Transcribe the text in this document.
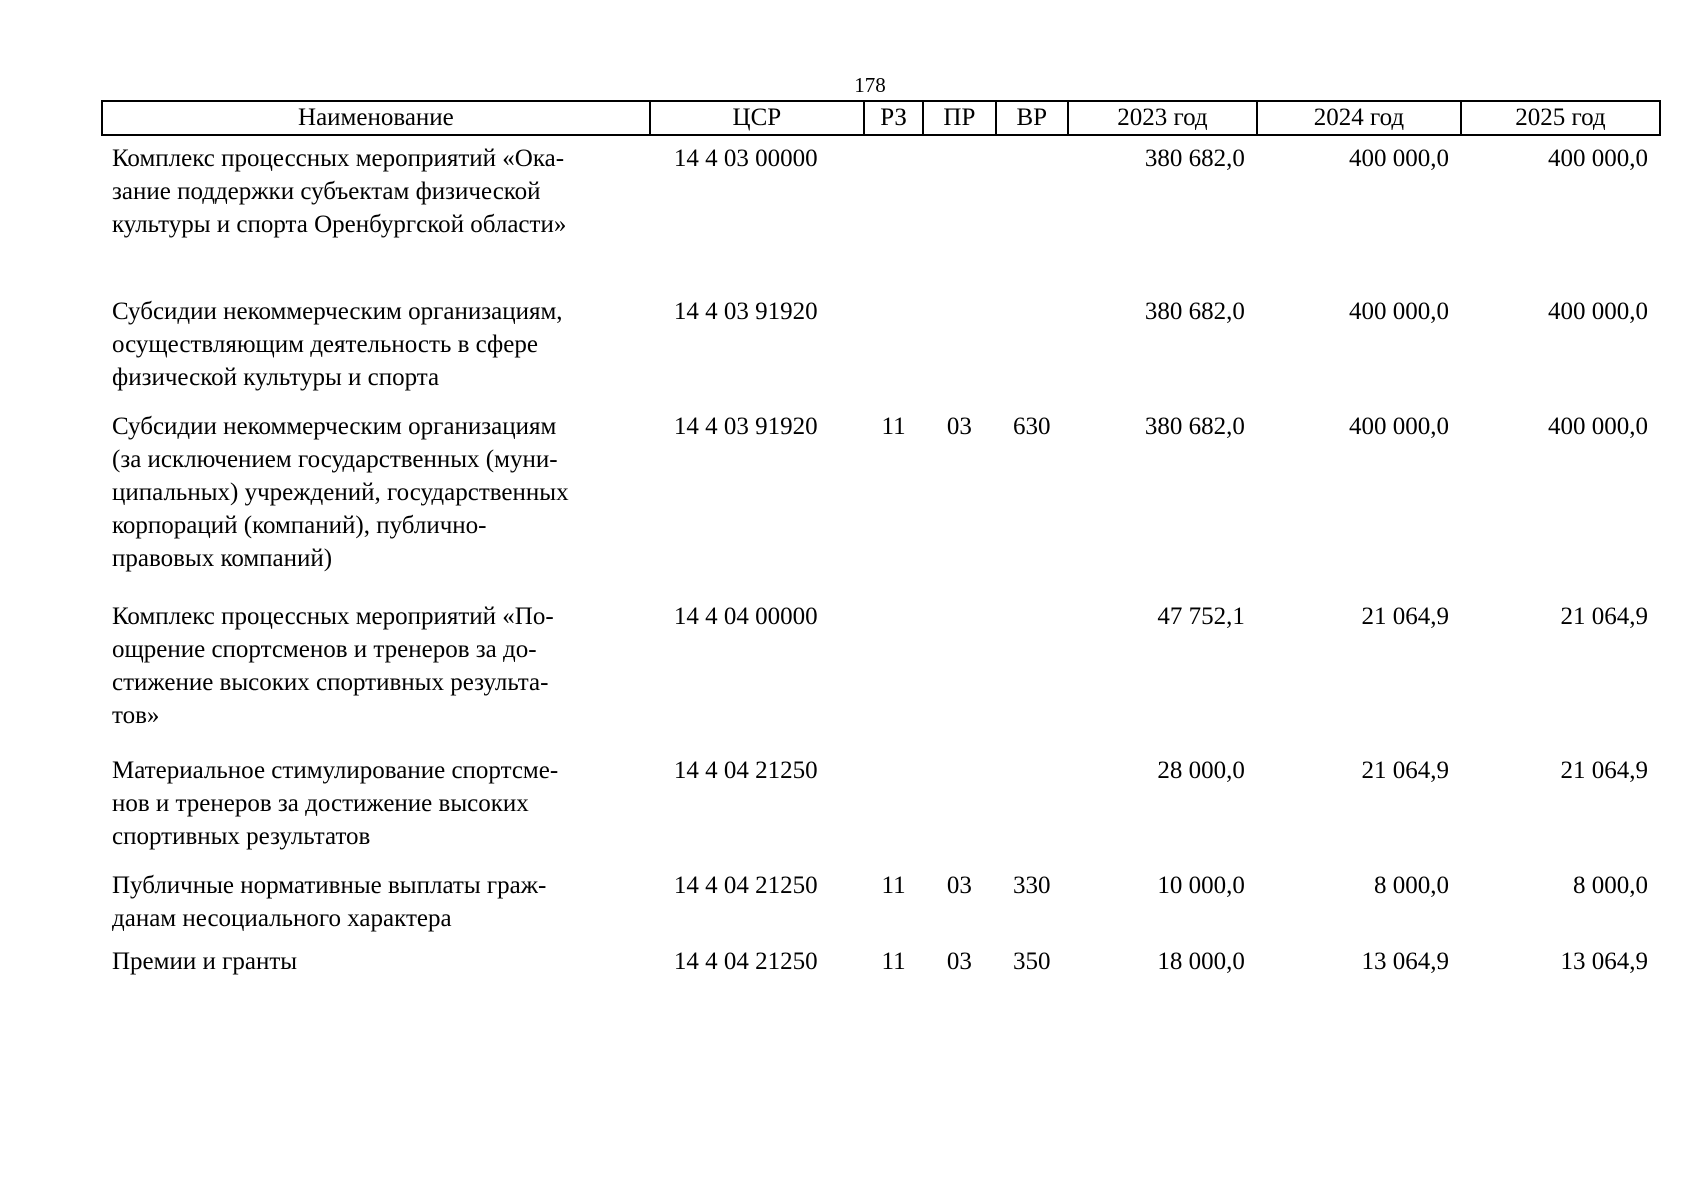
178
Наименование	ЦСР	РЗ	ПР	ВР	2023 год	2024 год	2025 год

Комплекс процессных мероприятий «Ока-
зание поддержки субъектам физической
культуры и спорта Оренбургской области»	14 4 03 00000				380 682,0	400 000,0	400 000,0

Субсидии некоммерческим организациям,
осуществляющим деятельность в сфере
физической культуры и спорта	14 4 03 91920				380 682,0	400 000,0	400 000,0

Субсидии некоммерческим организациям
(за исключением государственных (муни-
ципальных) учреждений, государственных
корпораций (компаний), публично-
правовых компаний)	14 4 03 91920	11	03	630	380 682,0	400 000,0	400 000,0

Комплекс процессных мероприятий «По-
ощрение спортсменов и тренеров за до-
стижение высоких спортивных результа-
тов»	14 4 04 00000				47 752,1	21 064,9	21 064,9

Материальное стимулирование спортсме-
нов и тренеров за достижение высоких
спортивных результатов	14 4 04 21250				28 000,0	21 064,9	21 064,9

Публичные нормативные выплаты граж-
данам несоциального характера	14 4 04 21250	11	03	330	10 000,0	8 000,0	8 000,0

Премии и гранты	14 4 04 21250	11	03	350	18 000,0	13 064,9	13 064,9
